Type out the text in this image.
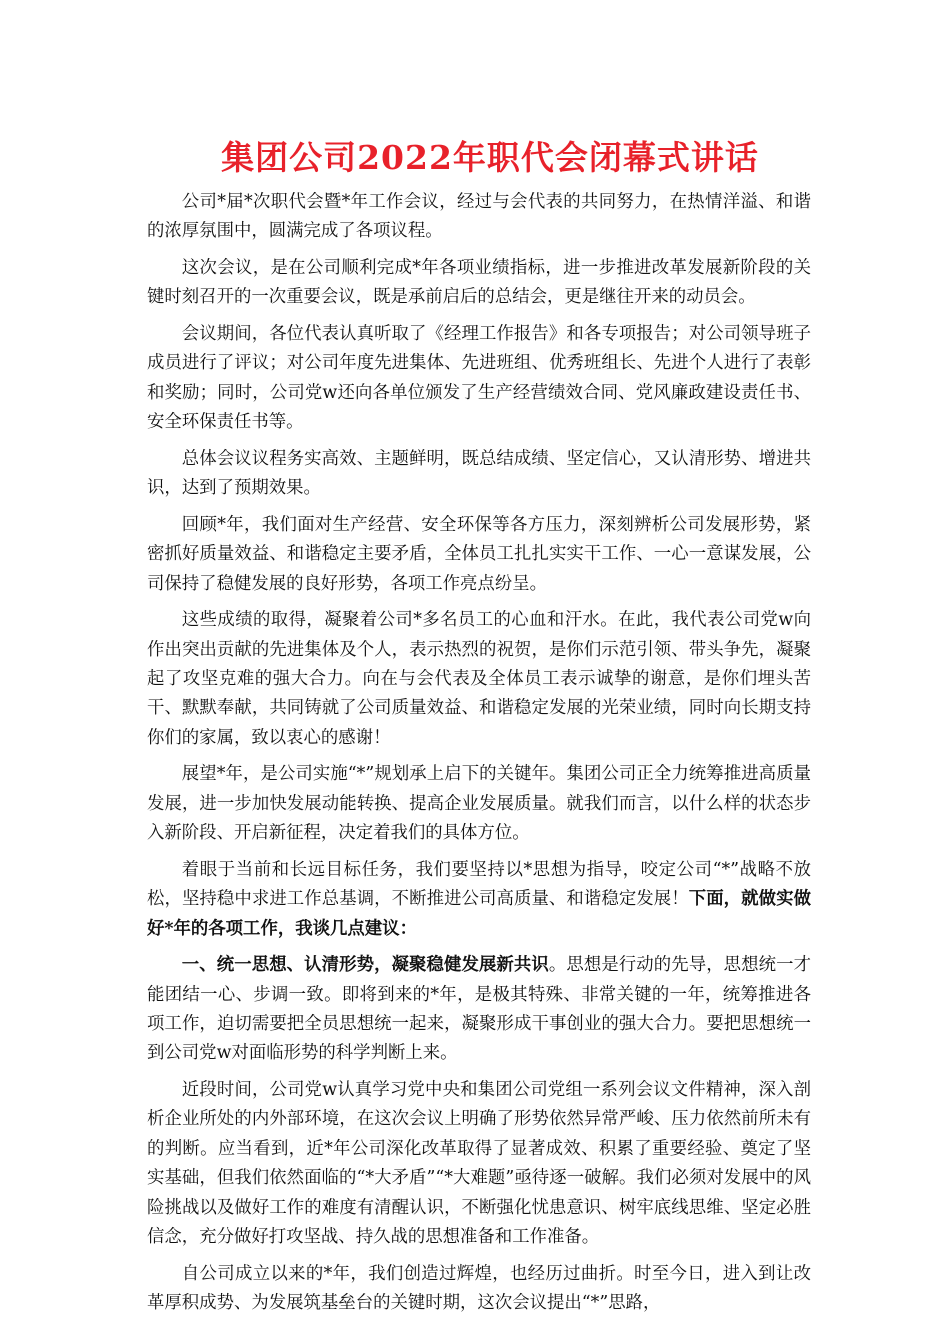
集团公司2022年职代会闭幕式讲话

公司*届*次职代会暨*年工作会议，经过与会代表的共同努力，在热情洋溢、和谐的浓厚氛围中，圆满完成了各项议程。

这次会议，是在公司顺利完成*年各项业绩指标，进一步推进改革发展新阶段的关键时刻召开的一次重要会议，既是承前启后的总结会，更是继往开来的动员会。

会议期间，各位代表认真听取了《经理工作报告》和各专项报告；对公司领导班子成员进行了评议；对公司年度先进集体、先进班组、优秀班组长、先进个人进行了表彰和奖励；同时，公司党w还向各单位颁发了生产经营绩效合同、党风廉政建设责任书、安全环保责任书等。

总体会议议程务实高效、主题鲜明，既总结成绩、坚定信心，又认清形势、增进共识，达到了预期效果。

回顾*年，我们面对生产经营、安全环保等各方压力，深刻辨析公司发展形势，紧密抓好质量效益、和谐稳定主要矛盾，全体员工扎扎实实干工作、一心一意谋发展，公司保持了稳健发展的良好形势，各项工作亮点纷呈。

这些成绩的取得，凝聚着公司*多名员工的心血和汗水。在此，我代表公司党w向作出突出贡献的先进集体及个人，表示热烈的祝贺，是你们示范引领、带头争先，凝聚起了攻坚克难的强大合力。向在与会代表及全体员工表示诚挚的谢意，是你们埋头苦干、默默奉献，共同铸就了公司质量效益、和谐稳定发展的光荣业绩，同时向长期支持你们的家属，致以衷心的感谢！

展望*年，是公司实施“*”规划承上启下的关键年。集团公司正全力统筹推进高质量发展，进一步加快发展动能转换、提高企业发展质量。就我们而言，以什么样的状态步入新阶段、开启新征程，决定着我们的具体方位。

着眼于当前和长远目标任务，我们要坚持以*思想为指导，咬定公司“*”战略不放松，坚持稳中求进工作总基调，不断推进公司高质量、和谐稳定发展！下面，就做实做好*年的各项工作，我谈几点建议：

一、统一思想、认清形势，凝聚稳健发展新共识。思想是行动的先导，思想统一才能团结一心、步调一致。即将到来的*年，是极其特殊、非常关键的一年，统筹推进各项工作，迫切需要把全员思想统一起来，凝聚形成干事创业的强大合力。要把思想统一到公司党w对面临形势的科学判断上来。

近段时间，公司党w认真学习党中央和集团公司党组一系列会议文件精神，深入剖析企业所处的内外部环境，在这次会议上明确了形势依然异常严峻、压力依然前所未有的判断。应当看到，近*年公司深化改革取得了显著成效、积累了重要经验、奠定了坚实基础，但我们依然面临的“*大矛盾”“*大难题”亟待逐一破解。我们必须对发展中的风险挑战以及做好工作的难度有清醒认识，不断强化忧患意识、树牢底线思维、坚定必胜信念，充分做好打攻坚战、持久战的思想准备和工作准备。

自公司成立以来的*年，我们创造过辉煌，也经历过曲折。时至今日，进入到让改革厚积成势、为发展筑基垒台的关键时期，这次会议提出“*”思路，
